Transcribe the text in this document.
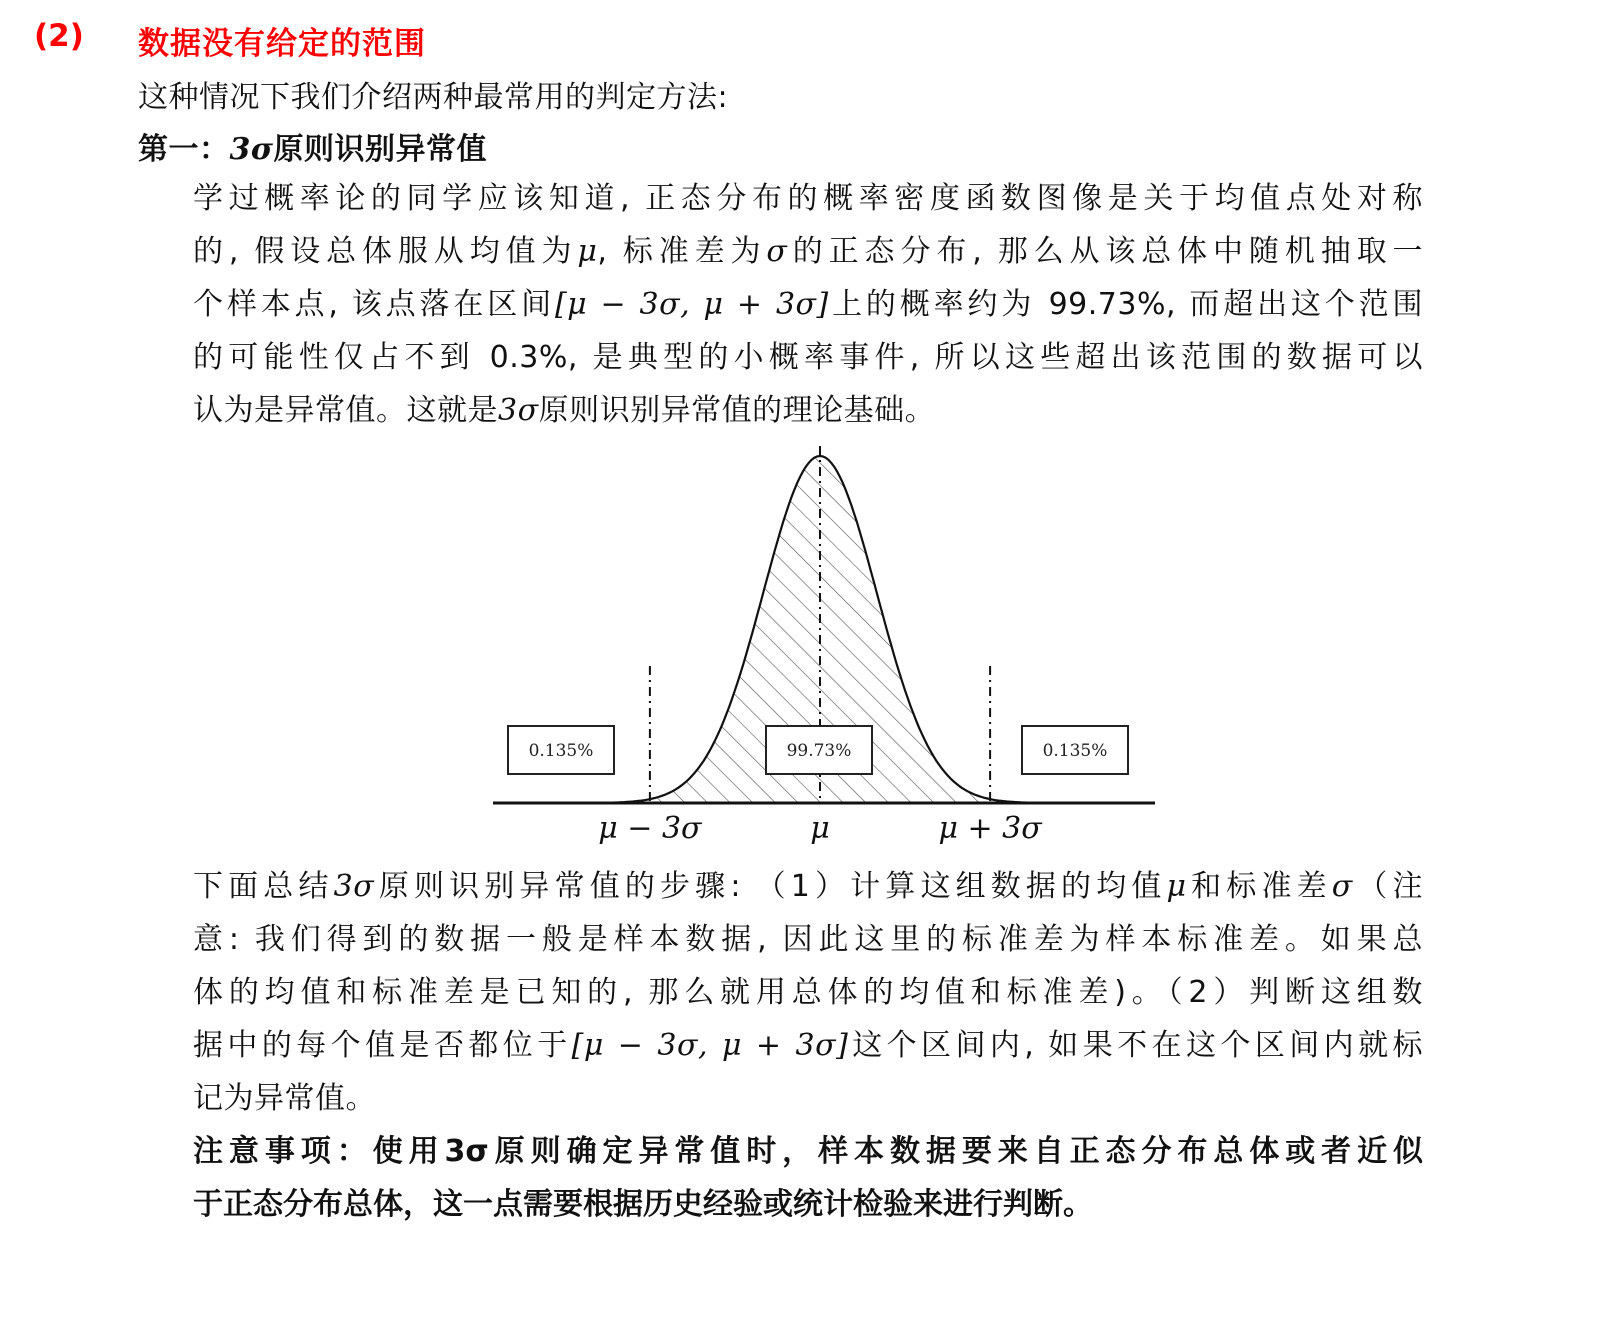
(2) 数据没有给定的范围
这种情况下我们介绍两种最常用的判定方法:
第一：3σ原则识别异常值
学过概率论的同学应该知道, 正态分布的概率密度函数图像是关于均值点处对称
的, 假设总体服从均值为μ, 标准差为σ的正态分布, 那么从该总体中随机抽取一
个样本点, 该点落在区间[μ − 3σ, μ + 3σ]上的概率约为 99.73%, 而超出这个范围
的可能性仅占不到 0.3%, 是典型的小概率事件, 所以这些超出该范围的数据可以
认为是异常值。这就是3σ原则识别异常值的理论基础。
0.135%	99.73%	0.135%
μ − 3σ	μ	μ + 3σ
下面总结3σ原则识别异常值的步骤: （1）计算这组数据的均值μ和标准差σ（注
意: 我们得到的数据一般是样本数据, 因此这里的标准差为样本标准差。如果总
体的均值和标准差是已知的, 那么就用总体的均值和标准差)。（2）判断这组数
据中的每个值是否都位于[μ − 3σ, μ + 3σ]这个区间内, 如果不在这个区间内就标
记为异常值。
注意事项：使用3σ原则确定异常值时，样本数据要来自正态分布总体或者近似
于正态分布总体，这一点需要根据历史经验或统计检验来进行判断。
